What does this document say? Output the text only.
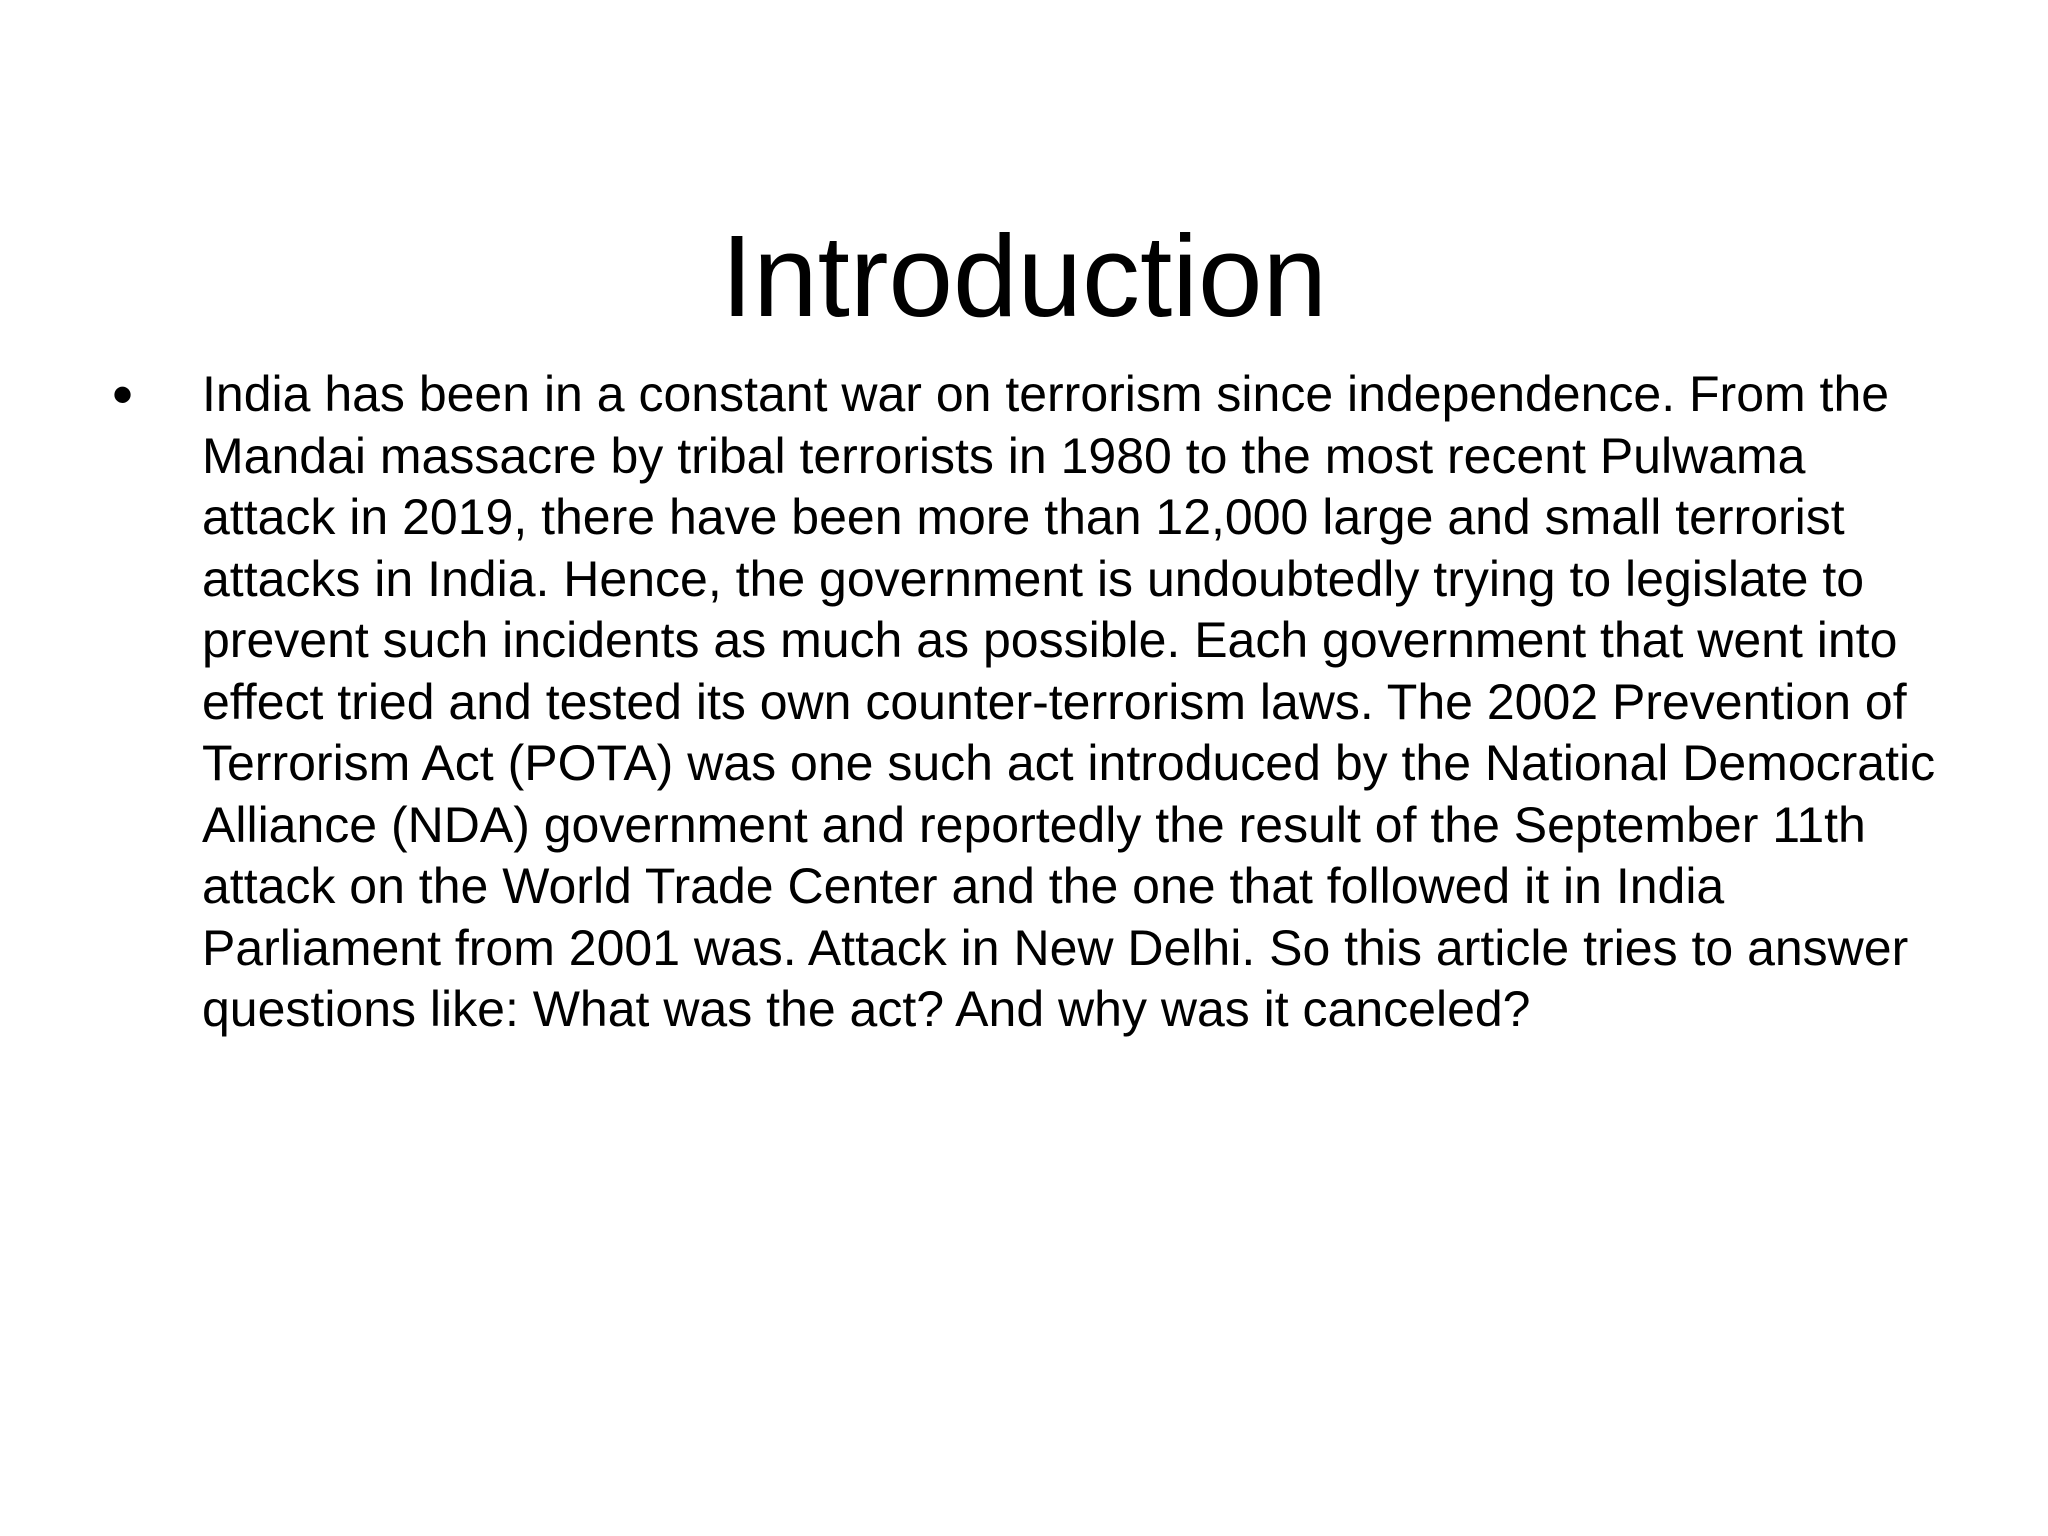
Introduction
•	India has been in a constant war on terrorism since independence. From the Mandai massacre by tribal terrorists in 1980 to the most recent Pulwama attack in 2019, there have been more than 12,000 large and small terrorist attacks in India. Hence, the government is undoubtedly trying to legislate to prevent such incidents as much as possible. Each government that went into effect tried and tested its own counter-terrorism laws. The 2002 Prevention of Terrorism Act (POTA) was one such act introduced by the National Democratic Alliance (NDA) government and reportedly the result of the September 11th attack on the World Trade Center and the one that followed it in India Parliament from 2001 was. Attack in New Delhi. So this article tries to answer questions like: What was the act? And why was it canceled?
